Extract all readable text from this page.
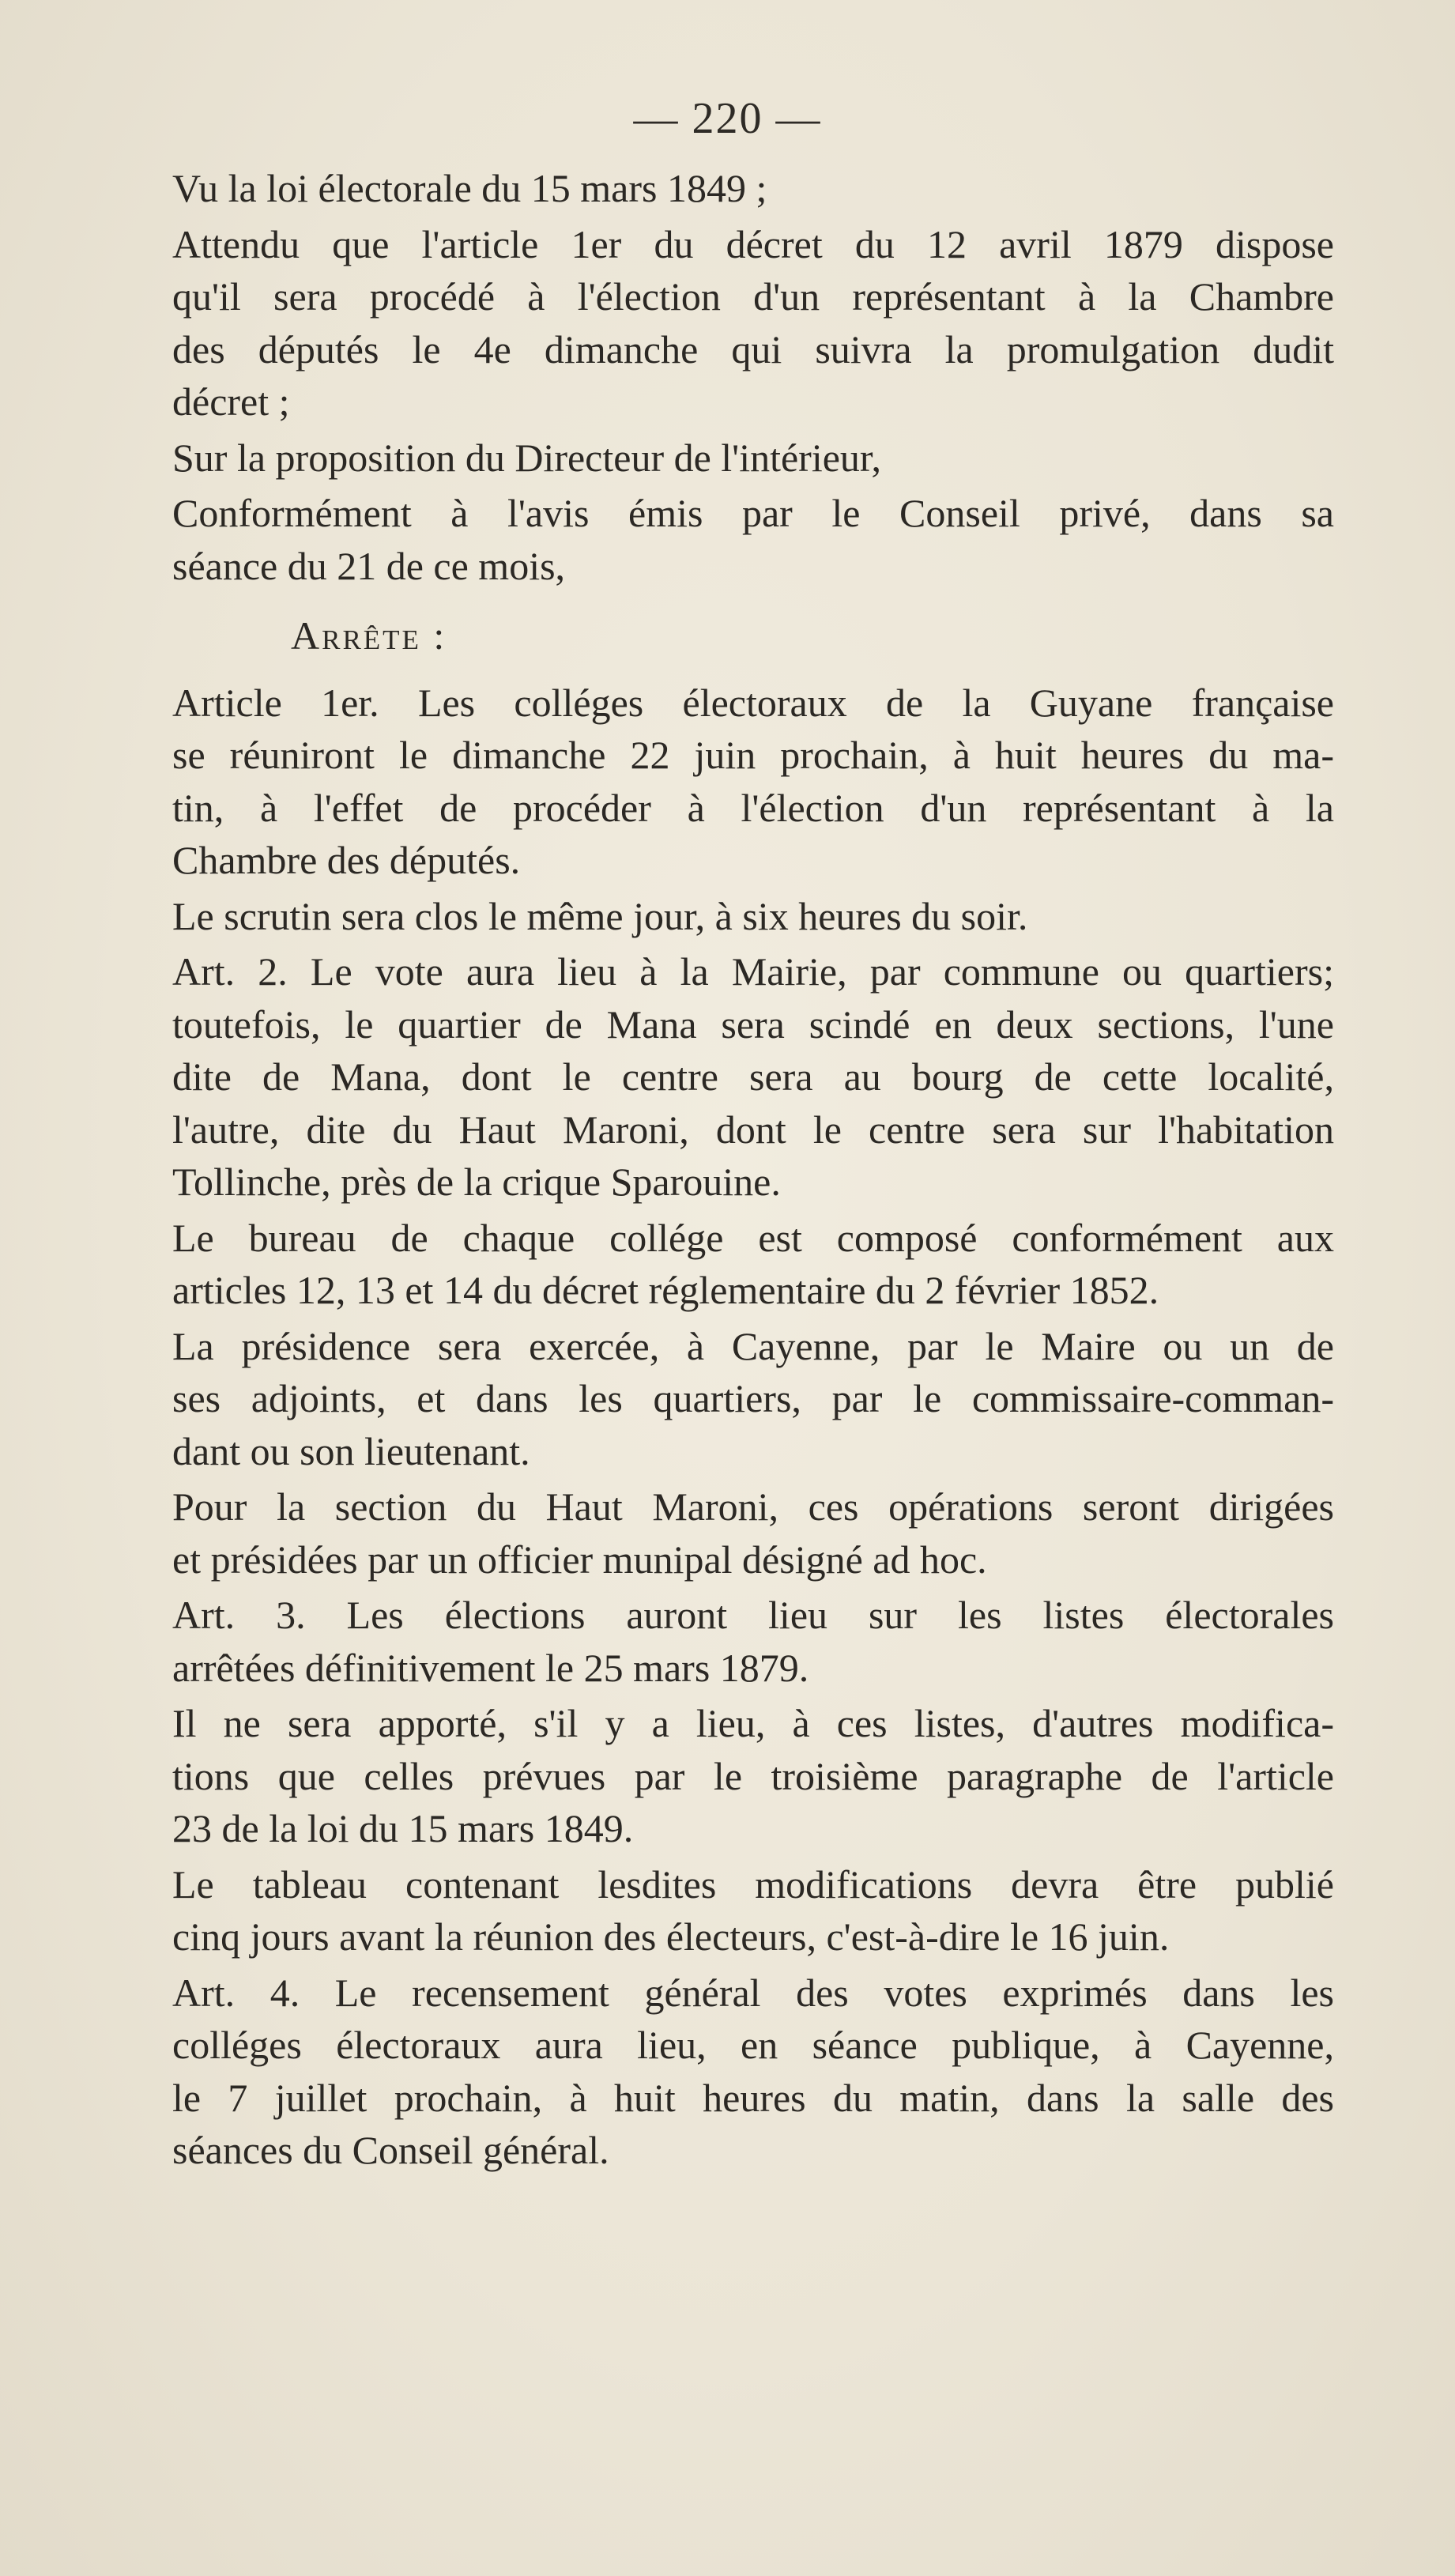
— 220 —
Vu la loi électorale du 15 mars 1849 ;
Attendu que l'article 1er du décret du 12 avril 1879 dispose
qu'il sera procédé à l'élection d'un représentant à la Chambre
des députés le 4e dimanche qui suivra la promulgation dudit
décret ;
Sur la proposition du Directeur de l'intérieur,
Conformément à l'avis émis par le Conseil privé, dans sa
séance du 21 de ce mois,
Arrête :
Article 1er. Les colléges électoraux de la Guyane française
se réuniront le dimanche 22 juin prochain, à huit heures du ma-
tin, à l'effet de procéder à l'élection d'un représentant à la
Chambre des députés.
Le scrutin sera clos le même jour, à six heures du soir.
Art. 2. Le vote aura lieu à la Mairie, par commune ou quartiers;
toutefois, le quartier de Mana sera scindé en deux sections, l'une
dite de Mana, dont le centre sera au bourg de cette localité,
l'autre, dite du Haut Maroni, dont le centre sera sur l'habitation
Tollinche, près de la crique Sparouine.
Le bureau de chaque collége est composé conformément aux
articles 12, 13 et 14 du décret réglementaire du 2 février 1852.
La présidence sera exercée, à Cayenne, par le Maire ou un de
ses adjoints, et dans les quartiers, par le commissaire-comman-
dant ou son lieutenant.
Pour la section du Haut Maroni, ces opérations seront dirigées
et présidées par un officier munipal désigné ad hoc.
Art. 3. Les élections auront lieu sur les listes électorales
arrêtées définitivement le 25 mars 1879.
Il ne sera apporté, s'il y a lieu, à ces listes, d'autres modifica-
tions que celles prévues par le troisième paragraphe de l'article
23 de la loi du 15 mars 1849.
Le tableau contenant lesdites modifications devra être publié
cinq jours avant la réunion des électeurs, c'est-à-dire le 16 juin.
Art. 4. Le recensement général des votes exprimés dans les
colléges électoraux aura lieu, en séance publique, à Cayenne,
le 7 juillet prochain, à huit heures du matin, dans la salle des
séances du Conseil général.
